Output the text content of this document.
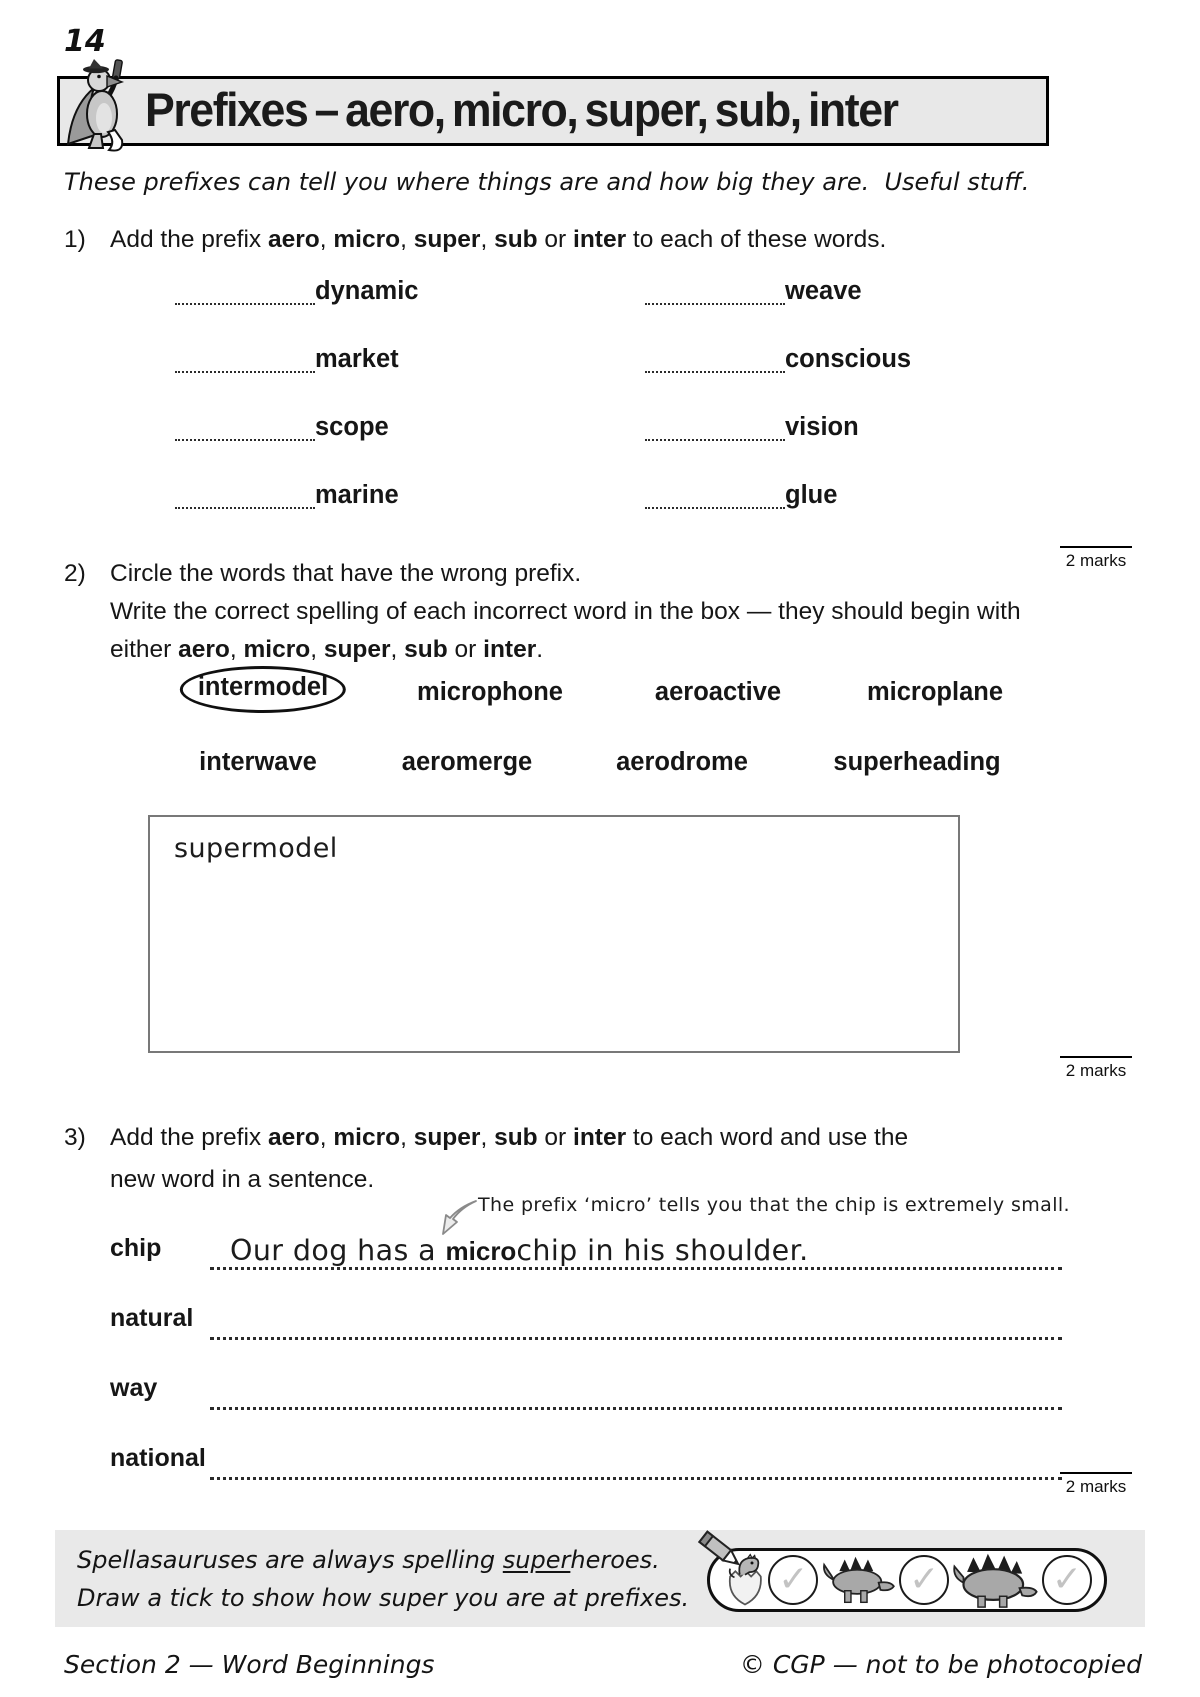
14
Prefixes – aero, micro, super, sub, inter
These prefixes can tell you where things are and how big they are.  Useful stuff.
1) Add the prefix aero, micro, super, sub or inter to each of these words.
dynamic	weave
market	conscious
scope	vision
marine	glue
2 marks
2) Circle the words that have the wrong prefix.
Write the correct spelling of each incorrect word in the box — they should begin with
either aero, micro, super, sub or inter.
intermodel	microphone	aeroactive	microplane
interwave	aeromerge	aerodrome	superheading
supermodel
2 marks
3) Add the prefix aero, micro, super, sub or inter to each word and use the
new word in a sentence.
The prefix ‘micro’ tells you that the chip is extremely small.
chip	Our dog has a microchip in his shoulder.
natural
way
national
2 marks
Spellasauruses are always spelling superheroes.
Draw a tick to show how super you are at prefixes. ✓	✓	✓
Section 2 — Word Beginnings	© CGP — not to be photocopied
